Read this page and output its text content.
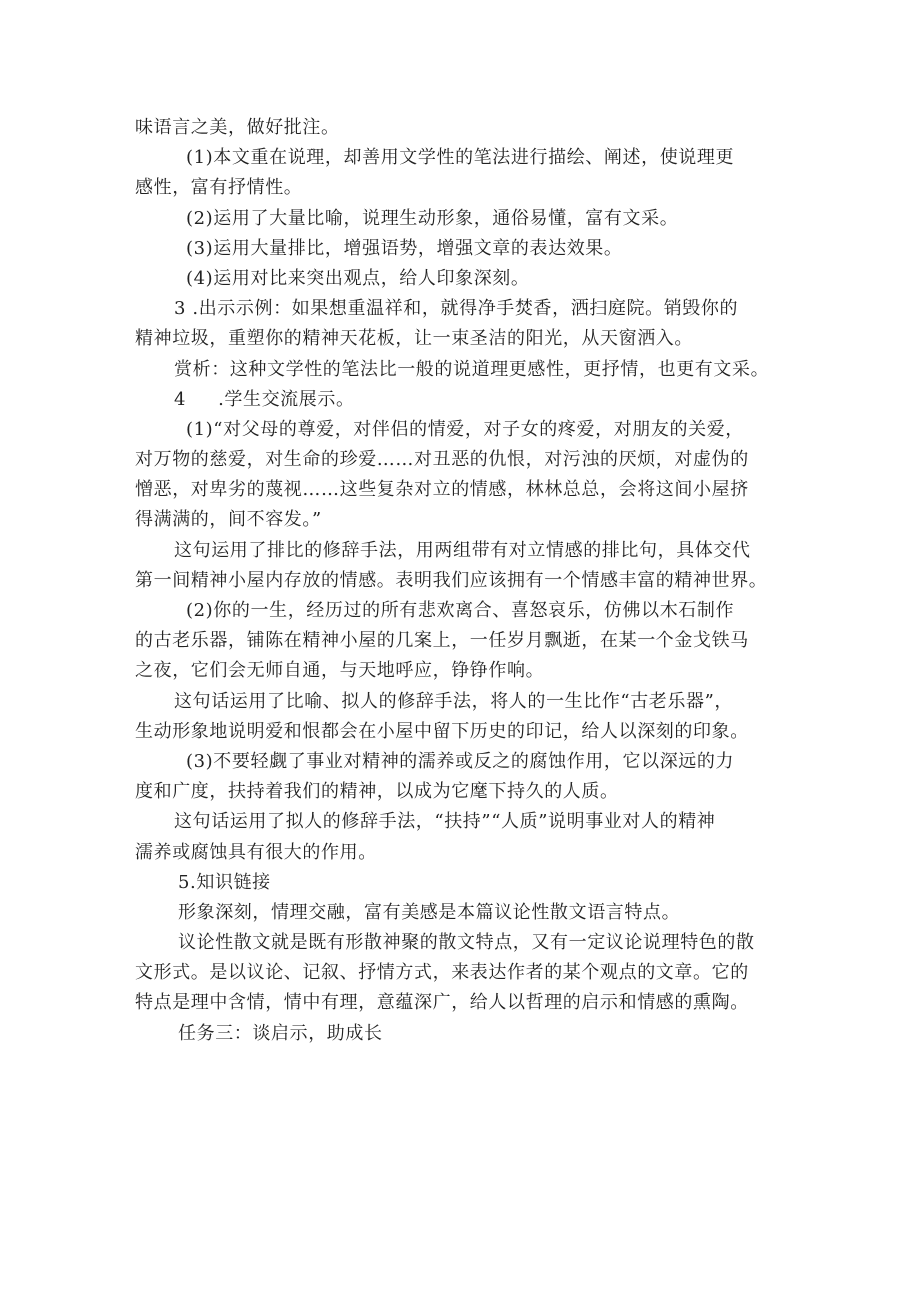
味语言之美，做好批注。
(1)本文重在说理，却善用文学性的笔法进行描绘、阐述，使说理更
感性，富有抒情性。
(2)运用了大量比喻，说理生动形象，通俗易懂，富有文采。
(3)运用大量排比，增强语势，增强文章的表达效果。
(4)运用对比来突出观点，给人印象深刻。
3 .出示示例：如果想重温祥和，就得净手焚香，洒扫庭院。销毁你的
精神垃圾，重塑你的精神天花板，让一束圣洁的阳光，从天窗洒入。
赏析：这种文学性的笔法比一般的说道理更感性，更抒情，也更有文采。
4 .学生交流展示。
(1)“对父母的尊爱，对伴侣的情爱，对子女的疼爱，对朋友的关爱，
对万物的慈爱，对生命的珍爱……对丑恶的仇恨，对污浊的厌烦，对虚伪的
憎恶，对卑劣的蔑视……这些复杂对立的情感，林林总总，会将这间小屋挤
得满满的，间不容发。”
这句运用了排比的修辞手法，用两组带有对立情感的排比句，具体交代
第一间精神小屋内存放的情感。表明我们应该拥有一个情感丰富的精神世界。
(2)你的一生，经历过的所有悲欢离合、喜怒哀乐，仿佛以木石制作
的古老乐器，铺陈在精神小屋的几案上，一任岁月飘逝，在某一个金戈铁马
之夜，它们会无师自通，与天地呼应，铮铮作响。
这句话运用了比喻、拟人的修辞手法，将人的一生比作“古老乐器”，
生动形象地说明爱和恨都会在小屋中留下历史的印记，给人以深刻的印象。
(3)不要轻觑了事业对精神的濡养或反之的腐蚀作用，它以深远的力
度和广度，扶持着我们的精神，以成为它麾下持久的人质。
这句话运用了拟人的修辞手法，“扶持”“人质”说明事业对人的精神
濡养或腐蚀具有很大的作用。
5.知识链接
形象深刻，情理交融，富有美感是本篇议论性散文语言特点。
议论性散文就是既有形散神聚的散文特点，又有一定议论说理特色的散
文形式。是以议论、记叙、抒情方式，来表达作者的某个观点的文章。它的
特点是理中含情，情中有理，意蕴深广，给人以哲理的启示和情感的熏陶。
任务三：谈启示，助成长
